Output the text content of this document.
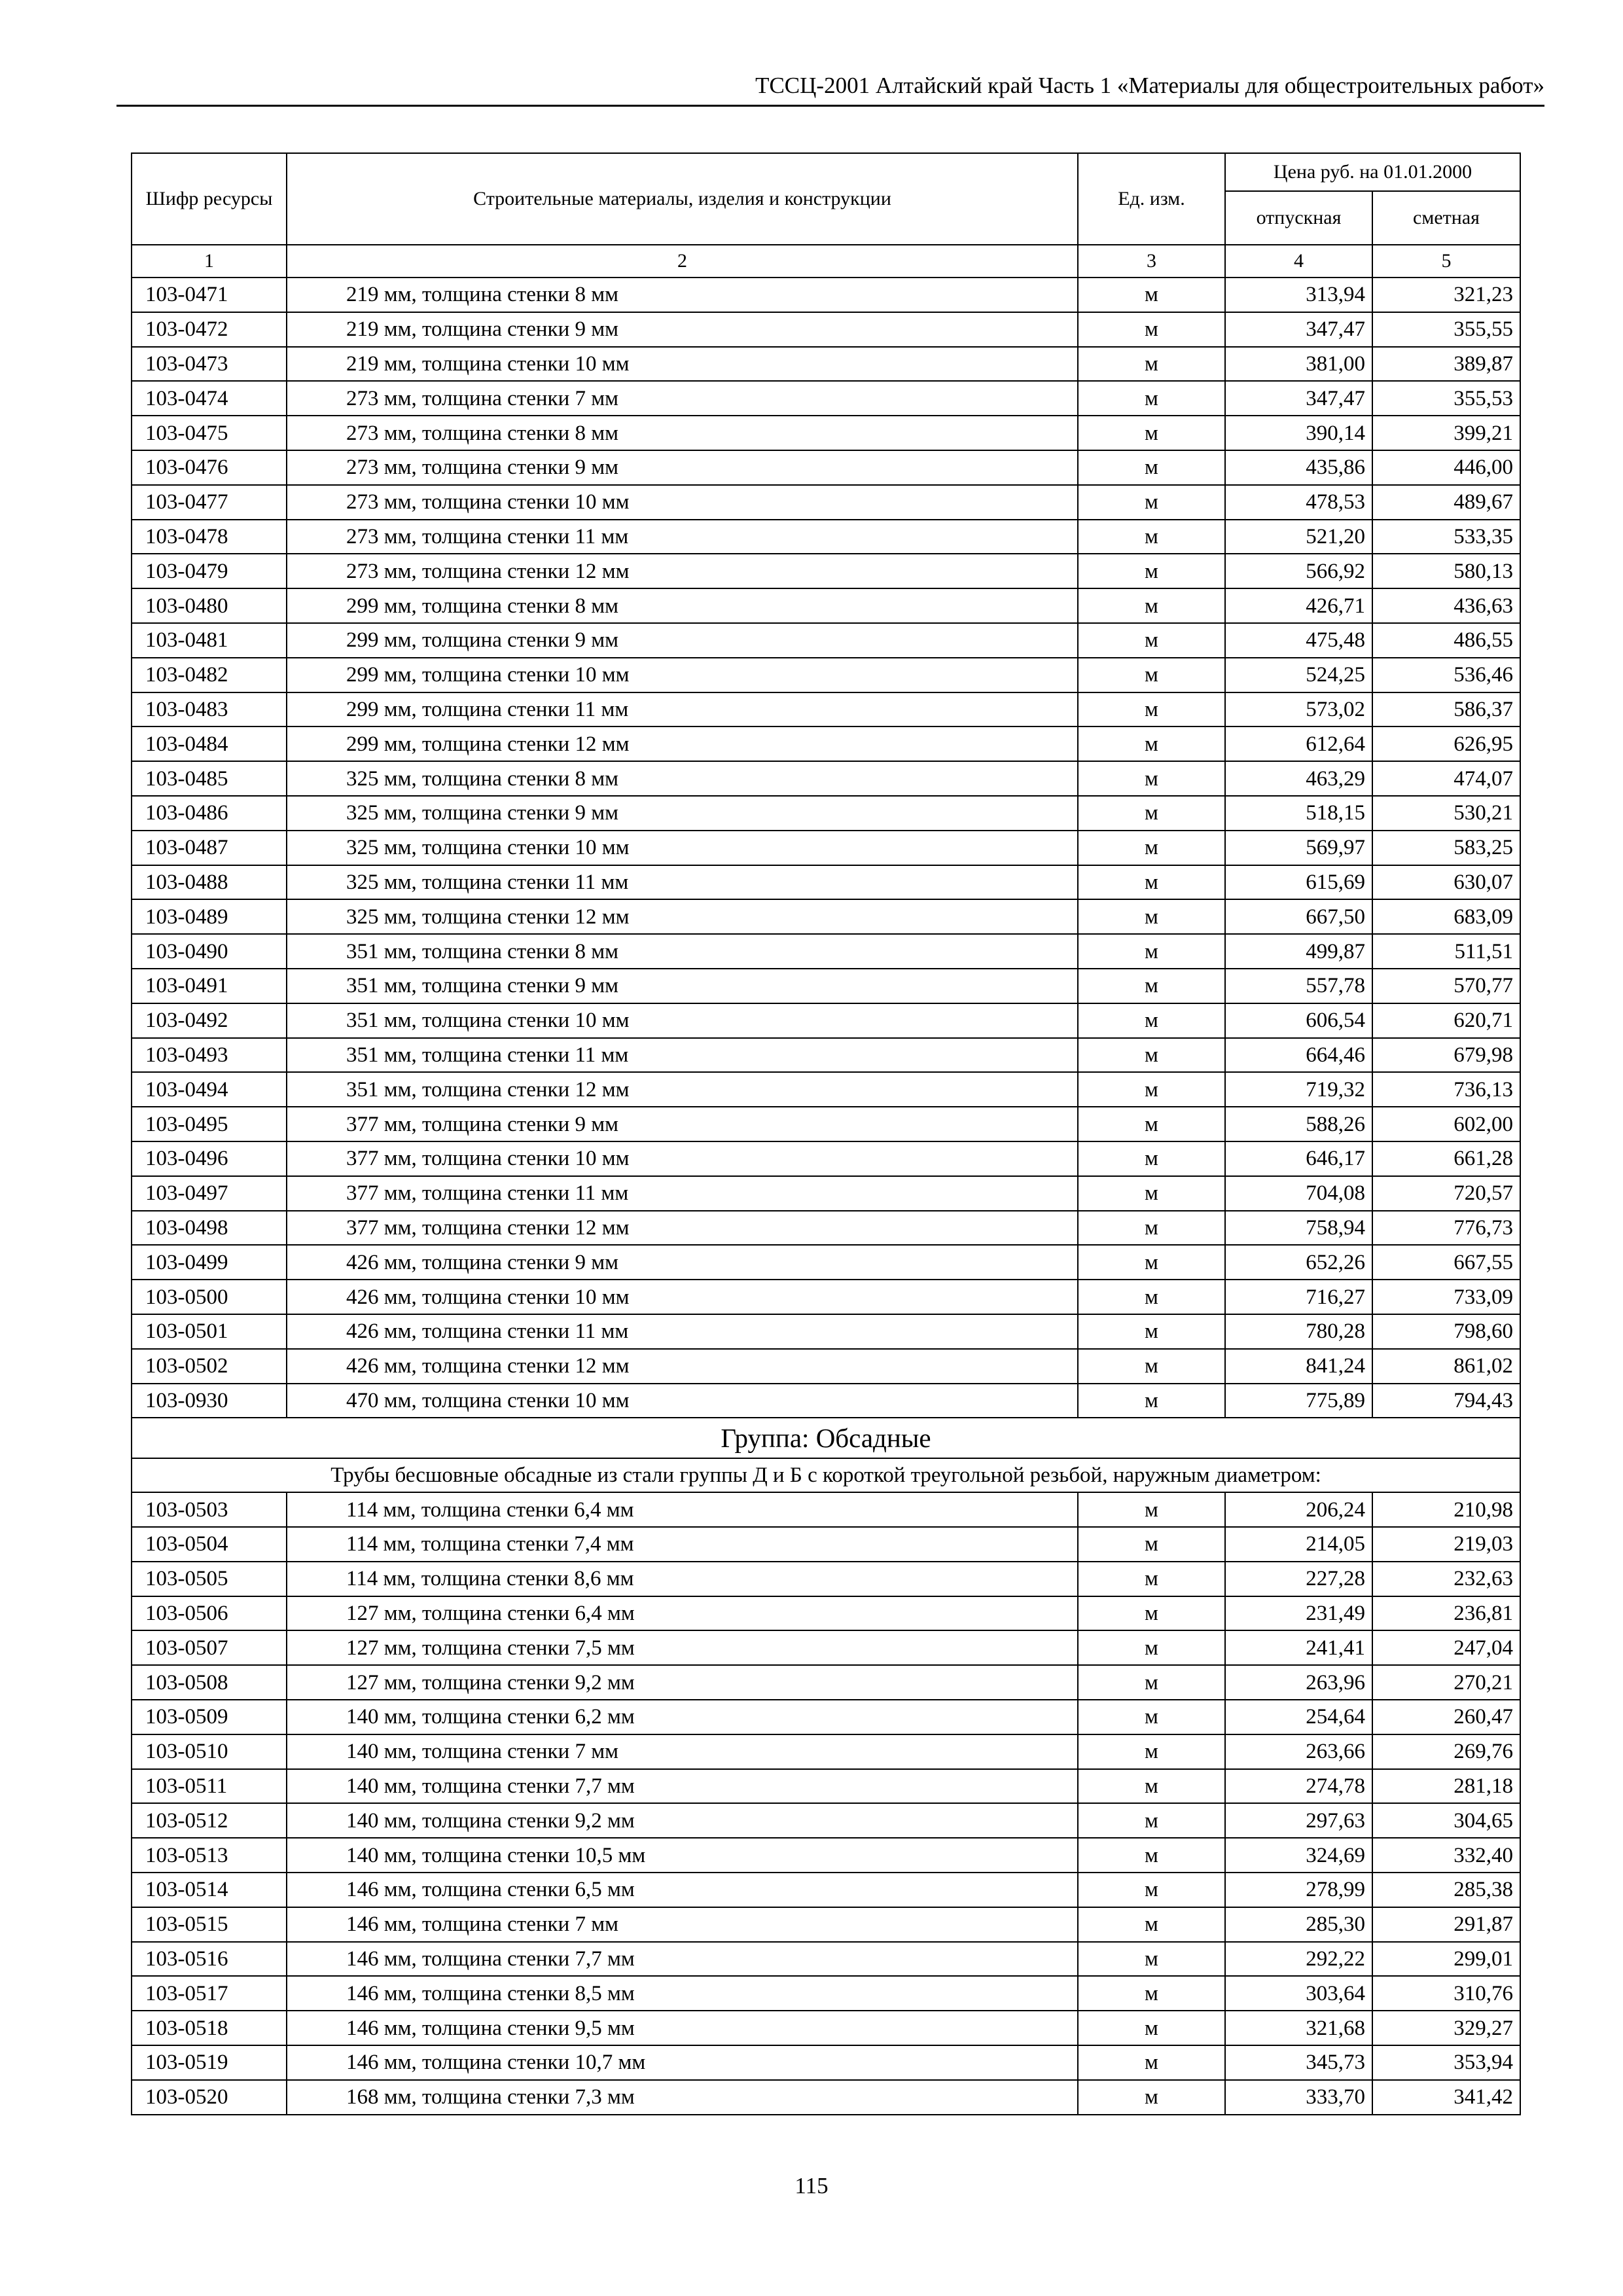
ТССЦ-2001 Алтайский край Часть 1 «Материалы для общестроительных работ»
Шифр ресурсы	Строительные материалы, изделия и конструкции	Ед. изм.	Цена руб. на 01.01.2000	
			отпускная	сметная
1	2	3	4	5
103-0471	219 мм, толщина стенки 8 мм	м	313,94	321,23
103-0472	219 мм, толщина стенки 9 мм	м	347,47	355,55
103-0473	219 мм, толщина стенки 10 мм	м	381,00	389,87
103-0474	273 мм, толщина стенки 7 мм	м	347,47	355,53
103-0475	273 мм, толщина стенки 8 мм	м	390,14	399,21
103-0476	273 мм, толщина стенки 9 мм	м	435,86	446,00
103-0477	273 мм, толщина стенки 10 мм	м	478,53	489,67
103-0478	273 мм, толщина стенки 11 мм	м	521,20	533,35
103-0479	273 мм, толщина стенки 12 мм	м	566,92	580,13
103-0480	299 мм, толщина стенки 8 мм	м	426,71	436,63
103-0481	299 мм, толщина стенки 9 мм	м	475,48	486,55
103-0482	299 мм, толщина стенки 10 мм	м	524,25	536,46
103-0483	299 мм, толщина стенки 11 мм	м	573,02	586,37
103-0484	299 мм, толщина стенки 12 мм	м	612,64	626,95
103-0485	325 мм, толщина стенки 8 мм	м	463,29	474,07
103-0486	325 мм, толщина стенки 9 мм	м	518,15	530,21
103-0487	325 мм, толщина стенки 10 мм	м	569,97	583,25
103-0488	325 мм, толщина стенки 11 мм	м	615,69	630,07
103-0489	325 мм, толщина стенки 12 мм	м	667,50	683,09
103-0490	351 мм, толщина стенки 8 мм	м	499,87	511,51
103-0491	351 мм, толщина стенки 9 мм	м	557,78	570,77
103-0492	351 мм, толщина стенки 10 мм	м	606,54	620,71
103-0493	351 мм, толщина стенки 11 мм	м	664,46	679,98
103-0494	351 мм, толщина стенки 12 мм	м	719,32	736,13
103-0495	377 мм, толщина стенки 9 мм	м	588,26	602,00
103-0496	377 мм, толщина стенки 10 мм	м	646,17	661,28
103-0497	377 мм, толщина стенки 11 мм	м	704,08	720,57
103-0498	377 мм, толщина стенки 12 мм	м	758,94	776,73
103-0499	426 мм, толщина стенки 9 мм	м	652,26	667,55
103-0500	426 мм, толщина стенки 10 мм	м	716,27	733,09
103-0501	426 мм, толщина стенки 11 мм	м	780,28	798,60
103-0502	426 мм, толщина стенки 12 мм	м	841,24	861,02
103-0930	470 мм, толщина стенки 10 мм	м	775,89	794,43
Группа: Обсадные				
Трубы бесшовные обсадные из стали группы Д и Б с короткой треугольной резьбой, наружным диаметром:				
103-0503	114 мм, толщина стенки 6,4 мм	м	206,24	210,98
103-0504	114 мм, толщина стенки 7,4 мм	м	214,05	219,03
103-0505	114 мм, толщина стенки 8,6 мм	м	227,28	232,63
103-0506	127 мм, толщина стенки 6,4 мм	м	231,49	236,81
103-0507	127 мм, толщина стенки 7,5 мм	м	241,41	247,04
103-0508	127 мм, толщина стенки 9,2 мм	м	263,96	270,21
103-0509	140 мм, толщина стенки 6,2 мм	м	254,64	260,47
103-0510	140 мм, толщина стенки 7 мм	м	263,66	269,76
103-0511	140 мм, толщина стенки 7,7 мм	м	274,78	281,18
103-0512	140 мм, толщина стенки 9,2 мм	м	297,63	304,65
103-0513	140 мм, толщина стенки 10,5 мм	м	324,69	332,40
103-0514	146 мм, толщина стенки 6,5 мм	м	278,99	285,38
103-0515	146 мм, толщина стенки 7 мм	м	285,30	291,87
103-0516	146 мм, толщина стенки 7,7 мм	м	292,22	299,01
103-0517	146 мм, толщина стенки 8,5 мм	м	303,64	310,76
103-0518	146 мм, толщина стенки 9,5 мм	м	321,68	329,27
103-0519	146 мм, толщина стенки 10,7 мм	м	345,73	353,94
103-0520	168 мм, толщина стенки 7,3 мм	м	333,70	341,42
115
